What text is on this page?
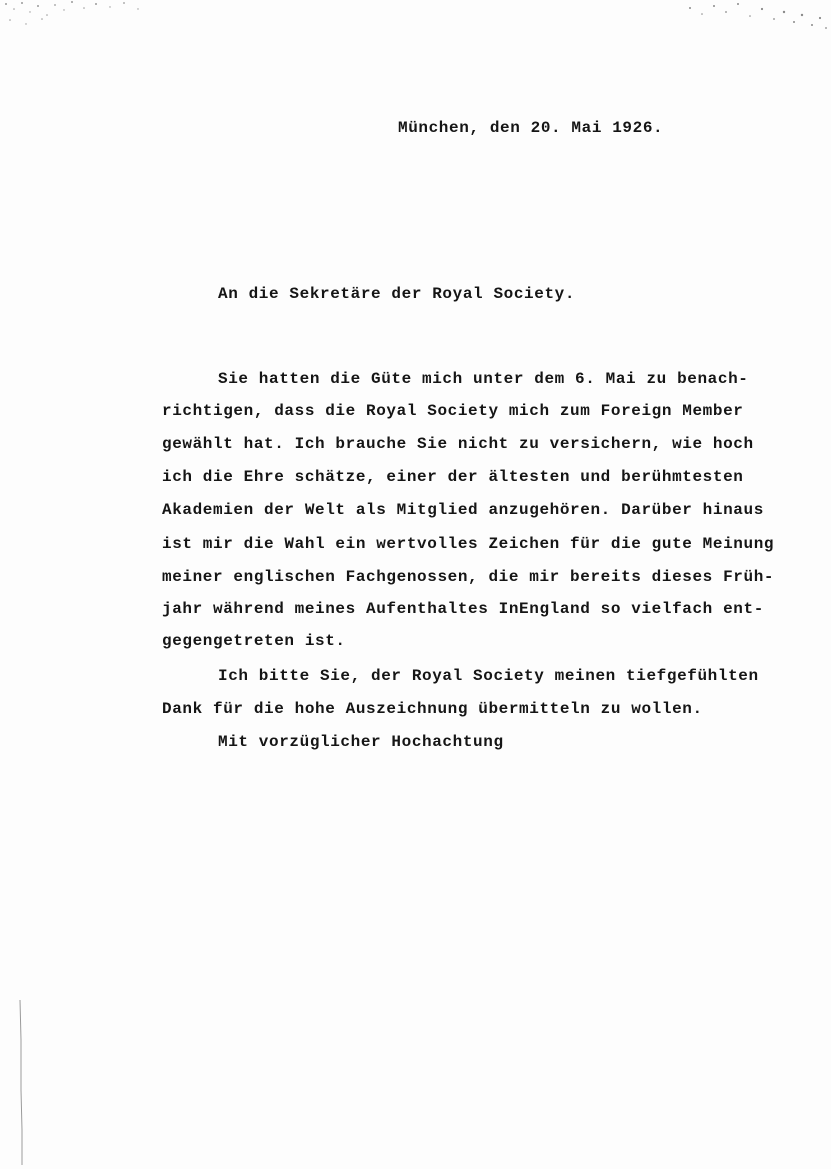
München, den 20. Mai 1926.
An die Sekretäre der Royal Society.
Sie hatten die Güte mich unter dem 6. Mai zu benach-
richtigen, dass die Royal Society mich zum Foreign Member
gewählt hat. Ich brauche Sie nicht zu versichern, wie hoch
ich die Ehre schätze, einer der ältesten und berühmtesten
Akademien der Welt als Mitglied anzugehören. Darüber hinaus
ist mir die Wahl ein wertvolles Zeichen für die gute Meinung
meiner englischen Fachgenossen, die mir bereits dieses Früh-
jahr während meines Aufenthaltes InEngland so vielfach ent-
gegengetreten ist.
Ich bitte Sie, der Royal Society meinen tiefgefühlten
Dank für die hohe Auszeichnung übermitteln zu wollen.
Mit vorzüglicher Hochachtung
